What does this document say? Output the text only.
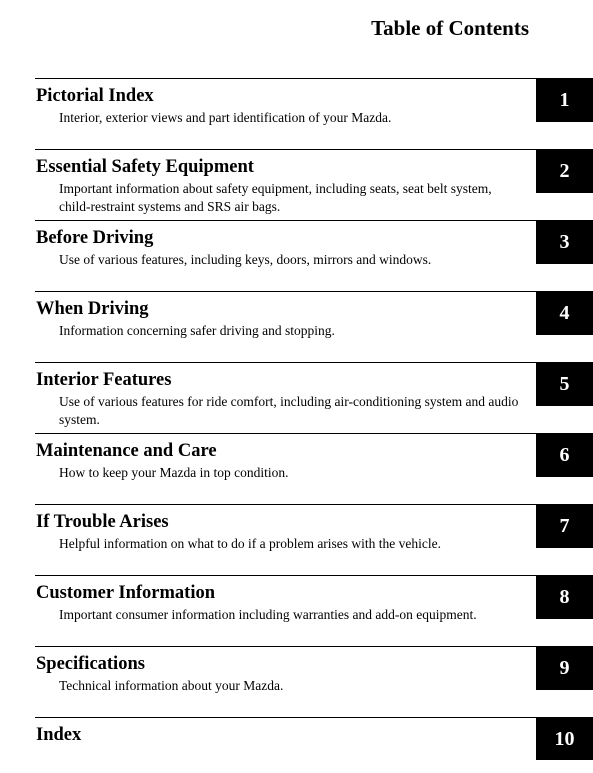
Table of Contents
Pictorial Index
Interior, exterior views and part identification of your Mazda.
1
Essential Safety Equipment
Important information about safety equipment, including seats, seat belt system, child-restraint systems and SRS air bags.
2
Before Driving
Use of various features, including keys, doors, mirrors and windows.
3
When Driving
Information concerning safer driving and stopping.
4
Interior Features
Use of various features for ride comfort, including air-conditioning system and audio system.
5
Maintenance and Care
How to keep your Mazda in top condition.
6
If Trouble Arises
Helpful information on what to do if a problem arises with the vehicle.
7
Customer Information
Important consumer information including warranties and add-on equipment.
8
Specifications
Technical information about your Mazda.
9
Index	10
